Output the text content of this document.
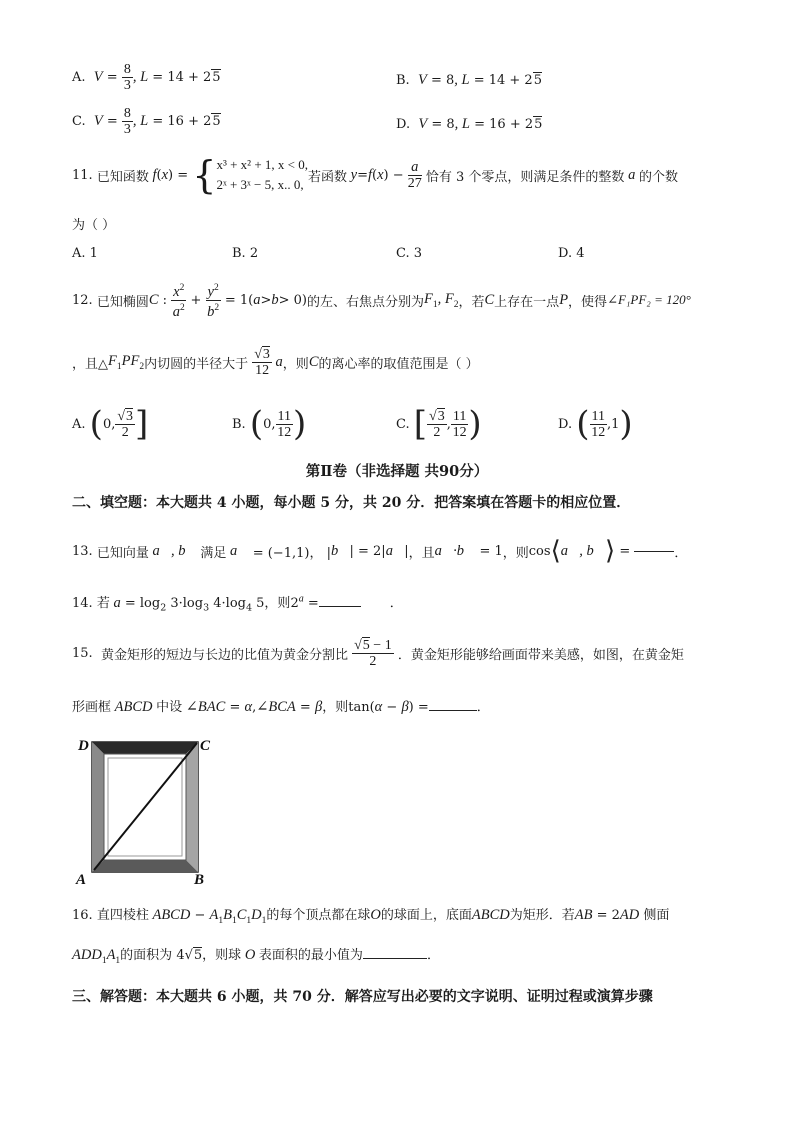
A. $V = \frac{8}{3}$ , L = 14 + 25	B. V = 8, L = 14 + 25
C. $V = \frac{8}{3}$ , L = 16 + 25	D. V = 8, L = 16 + 25
11.
已知函数 f ( x ) = { x³ + x² + 1, x < 0,
2ˣ + 3ˣ − 5, x.. 0, 若函数 y = f ( x ) − $\frac{a}{27}$
恰有 3 个零点，则满足条件的整数 a 的个数
为（ ）
A. 1	B. 2	C. 3	D. 4
12.
已知椭圆 C : $\frac{x^2}{a^2} + \frac{y^2}{b^2} = 1$( a > b > 0) 的左、右焦点分别为 $F_1$, $F_2$ ，若 C 上存在一点 P ，使得 ∠F₁PF₂ = 120°
，且△ $F_1PF_2$ 内切圆的半径大于
$\frac{√3}{12}$ a ，则 C 的离心率的取值范围是（ ）
A.
( 0, $\frac{√3}{2}$ ]	B.
( 0, $\frac{11}{12}$ )	C.
[ $\frac{√3}{2}$ , $\frac{11}{12}$ )	D.
( $\frac{11}{12} ,1$ )
第Ⅱ卷（非选择题 共90分）
二、填空题：本大题共 4 小题，每小题 5 分，共 20 分．把答案填在答题卡的相应位置．
13.
已知向量 a⃗, b⃗ 满足 a⃗ = (−1,1)， | b⃗ | = 2| a⃗ | ，且 a⃗·b⃗ = 1 ，则 cos ⟨ a⃗, b⃗ ⟩ =	．
14. 若 $a = \log_2 3\cdot\log_3$ $4\cdot\log_4$ 5，则$2^a$ =	．
15.
黄金矩形的短边与长边的比值为黄金分割比
$\frac{√5 - 1}{2}$
．黄金矩形能够给画面带来美感，如图，在黄金矩
形画框 ABCD 中设 ∠BAC = α,∠BCA = β，则tan(α − β) =	．
D	C
A	B
16. 直四棱柱 ABCD − $A_1B_1C_1D_1$的每个顶点都在球O的球面上，底面ABCD为矩形．若AB = 2AD 侧面
$ADD_1A_1$的面积为 4√5，则球 O 表面积的最小值为	．
三、解答题：本大题共 6 小题，共 70 分．解答应写出必要的文字说明、证明过程或演算步骤
